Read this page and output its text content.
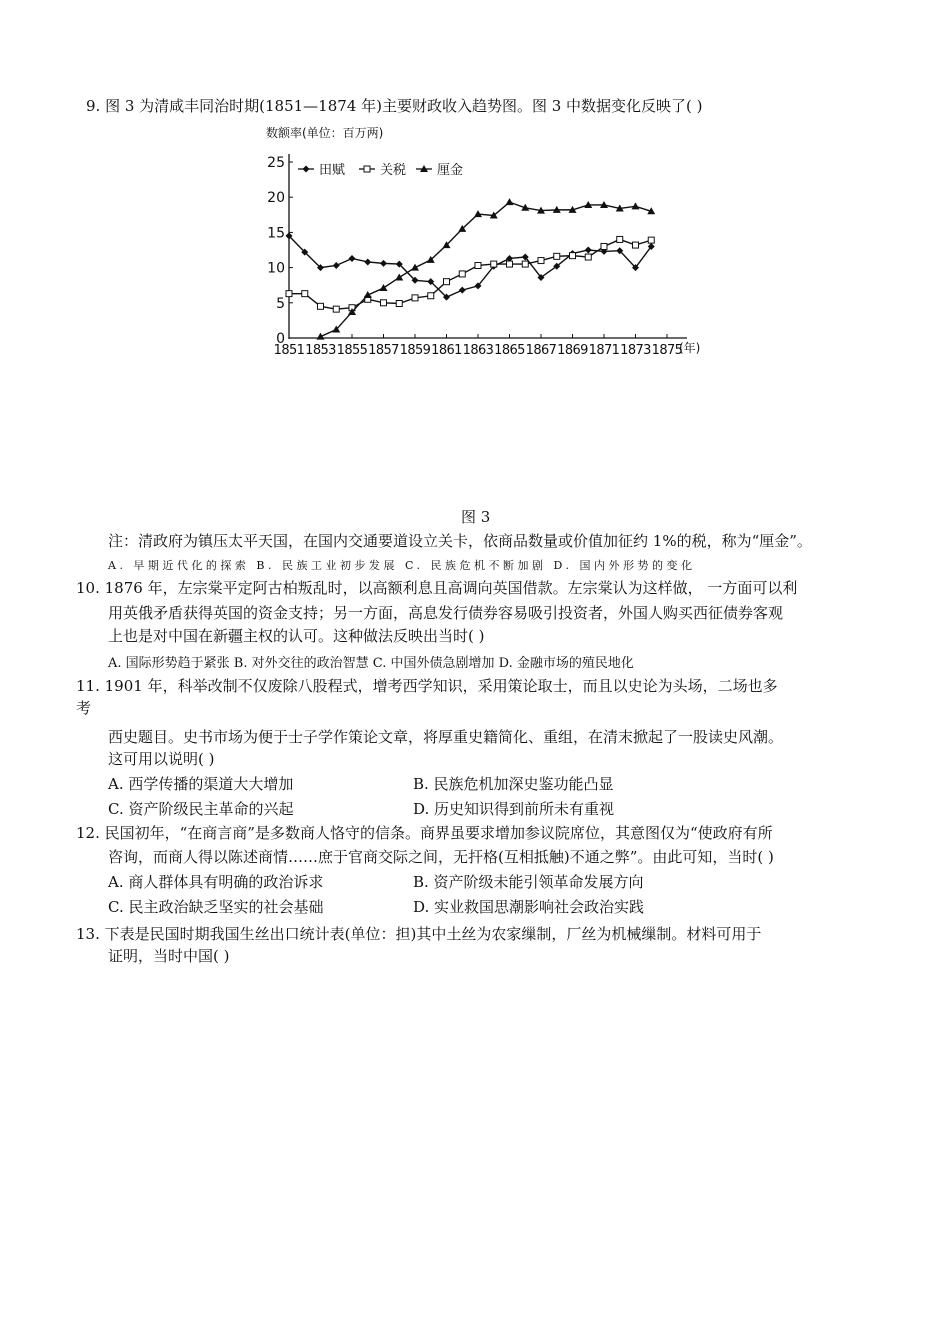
9. 图 3 为清咸丰同治时期(1851—1874 年)主要财政收入趋势图。图 3 中数据变化反映了( )
数额率(单位：百万两)
0
5
10
15
20
25
1851 1853 1855 1857 1859 1861 1863 1865 1867 1869 1871 1873 1875
(年)
田赋	关税 厘金
图 3
注：清政府为镇压太平天国，在国内交通要道设立关卡，依商品数量或价值加征约 1%的税，称为“厘金”。
A. 早期近代化的探索 B. 民族工业初步发展 C. 民族危机不断加剧 D. 国内外形势的变化
10. 1876 年，左宗棠平定阿古柏叛乱时，以高额利息且高调向英国借款。左宗棠认为这样做， 一方面可以利
用英俄矛盾获得英国的资金支持；另一方面，高息发行债券容易吸引投资者，外国人购买西征债券客观
上也是对中国在新疆主权的认可。这种做法反映出当时( )
A. 国际形势趋于紧张 B. 对外交往的政治智慧 C. 中国外债急剧增加 D. 金融市场的殖民地化
11. 1901 年，科举改制不仅废除八股程式，增考西学知识，采用策论取士，而且以史论为头场，二场也多
考
西史题目。史书市场为便于士子学作策论文章，将厚重史籍简化、重组，在清末掀起了一股读史风潮。
这可用以说明( )
A. 西学传播的渠道大大增加	B. 民族危机加深史鉴功能凸显
C. 资产阶级民主革命的兴起	D. 历史知识得到前所未有重视
12. 民国初年，“在商言商”是多数商人恪守的信条。商界虽要求增加参议院席位，其意图仅为“使政府有所
咨询，而商人得以陈述商情……庶于官商交际之间，无扞格(互相抵触)不通之弊”。由此可知，当时( )
A. 商人群体具有明确的政治诉求	B. 资产阶级未能引领革命发展方向
C. 民主政治缺乏坚实的社会基础	D. 实业救国思潮影响社会政治实践
13. 下表是民国时期我国生丝出口统计表(单位：担)其中土丝为农家缫制，厂丝为机械缫制。材料可用于
证明，当时中国( )
